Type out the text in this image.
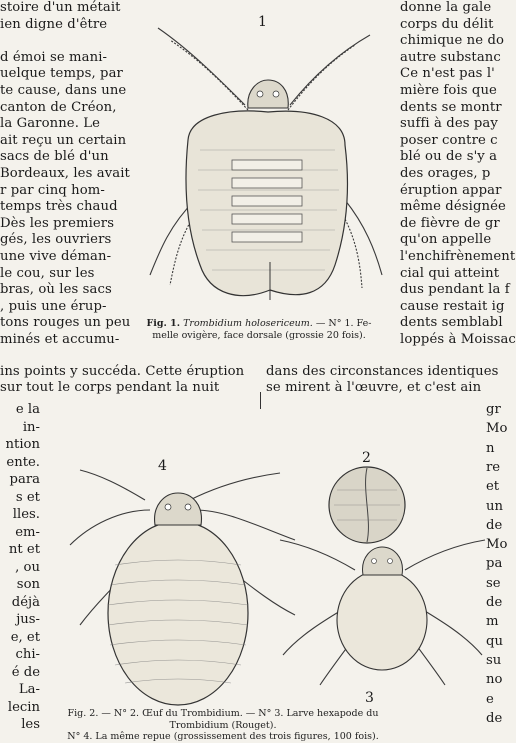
stoire d'un métait
ien digne d'être
d émoi se mani-
uelque temps, par
te cause, dans une
canton de Créon,
la Garonne. Le
ait reçu un certain
sacs de blé d'un
Bordeaux, les avait
r par cinq hom-
temps très chaud
Dès les premiers
gés, les ouvriers
une vive déman-
le cou, sur les
bras, où les sacs
, puis une érup-
tons rouges un peu
minés et accumu-
donne la gale
corps du délit
chimique ne do
autre substanc
Ce n'est pas l'
mière fois que
dents se montr
suffi à des pay
poser contre c
blé ou de s'y a
des orages, p
éruption appar
même désignée
de fièvre de gr
qu'on appelle
l'enchifrènement
cial qui atteint
dus pendant la f
cause restait ig
dents semblabl
loppés à Moissac
ins points y succéda. Cette éruption	dans des circonstances identiques
sur tout le corps pendant la nuit	se mirent à l'œuvre, et c'est ain
e la
in-
ntion
ente.
para
s et
lles.
em-
nt et
, ou
son
déjà
jus-
e, et
chi-
é de
La-
lecin
les
gr
Mo
n
re
et
un
de
Mo
pa
se
de
m
qu
su
no
e
de
1
Fig. 1. Trombidium holosericeum. — N° 1. Fe-
melle ovigère, face dorsale (grossie 20 fois).
4	2
3
Fig. 2. — N° 2. Œuf du Trombidium. — N° 3. Larve hexapode du Trombidium (Rouget).
N° 4. La même repue (grossissement des trois figures, 100 fois).
